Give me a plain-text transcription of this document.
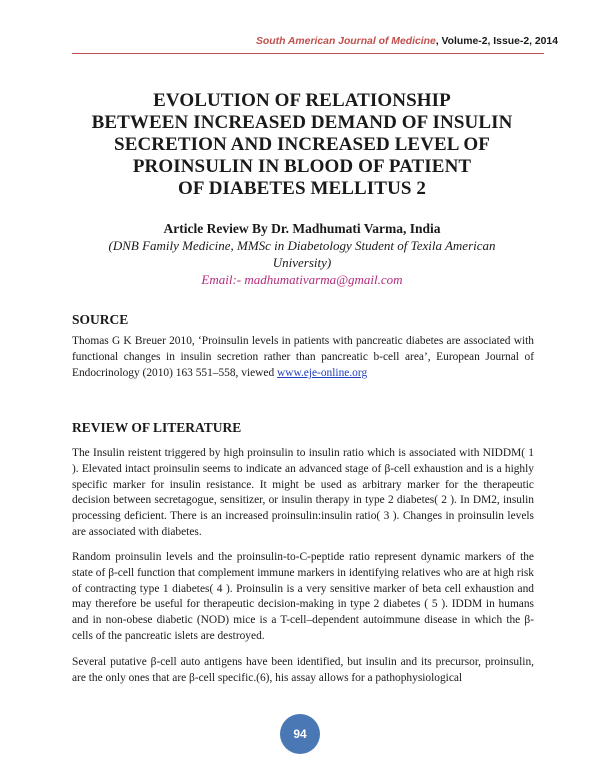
South American Journal of Medicine, Volume-2, Issue-2, 2014
EVOLUTION OF RELATIONSHIP
BETWEEN INCREASED DEMAND OF INSULIN
SECRETION AND INCREASED LEVEL OF
PROINSULIN IN BLOOD OF PATIENT
OF DIABETES MELLITUS 2
Article Review By Dr. Madhumati Varma, India
(DNB Family Medicine, MMSc in Diabetology Student of Texila American University)
Email:- madhumativarma@gmail.com
SOURCE

Thomas G K Breuer 2010, ‘Proinsulin levels in patients with pancreatic diabetes are associated with functional changes in insulin secretion rather than pancreatic b-cell area’, European Journal of Endocrinology (2010) 163 551–558, viewed www.eje-online.org

REVIEW OF LITERATURE

The Insulin reistent triggered by high proinsulin to insulin ratio which is associated with NIDDM( 1 ). Elevated intact proinsulin seems to indicate an advanced stage of β-cell exhaustion and is a highly specific marker for insulin resistance. It might be used as arbitrary marker for the therapeutic decision between secretagogue, sensitizer, or insulin therapy in type 2 diabetes( 2 ). In DM2, insulin processing deficient. There is an increased proinsulin:insulin ratio( 3 ). Changes in proinsulin levels are associated with diabetes.

Random proinsulin levels and the proinsulin-to-C-peptide ratio represent dynamic markers of the state of β-cell function that complement immune markers in identifying relatives who are at high risk of contracting type 1 diabetes( 4 ). Proinsulin is a very sensitive marker of beta cell exhaustion and may therefore be useful for therapeutic decision-making in type 2 diabetes ( 5 ). IDDM in humans and in non-obese diabetic (NOD) mice is a T-cell–dependent autoimmune disease in which the β-cells of the pancreatic islets are destroyed.

Several putative β-cell auto antigens have been identified, but insulin and its precursor, proinsulin, are the only ones that are β-cell specific.(6), his assay allows for a pathophysiological

94
